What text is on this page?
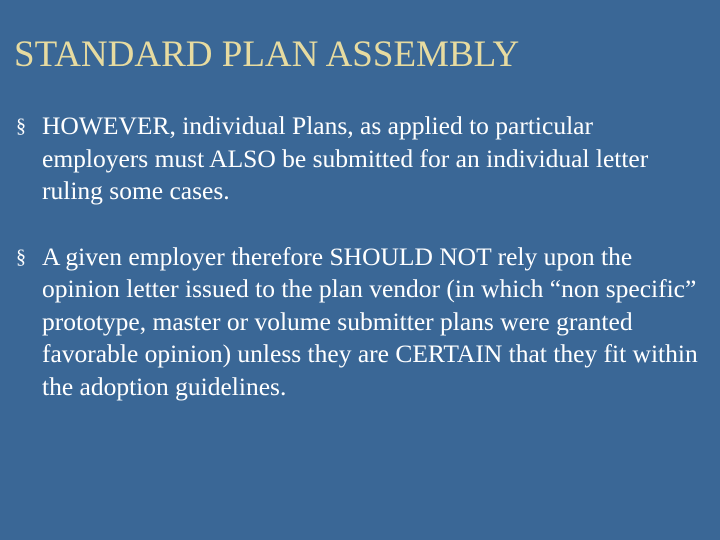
STANDARD PLAN ASSEMBLY
§ HOWEVER, individual Plans, as applied to particular employers must ALSO be submitted for an individual letter ruling some cases.
§ A given employer therefore SHOULD NOT rely upon the opinion letter issued to the plan vendor (in which “non specific” prototype, master or volume submitter plans were granted favorable opinion) unless they are CERTAIN that they fit within the adoption guidelines.
